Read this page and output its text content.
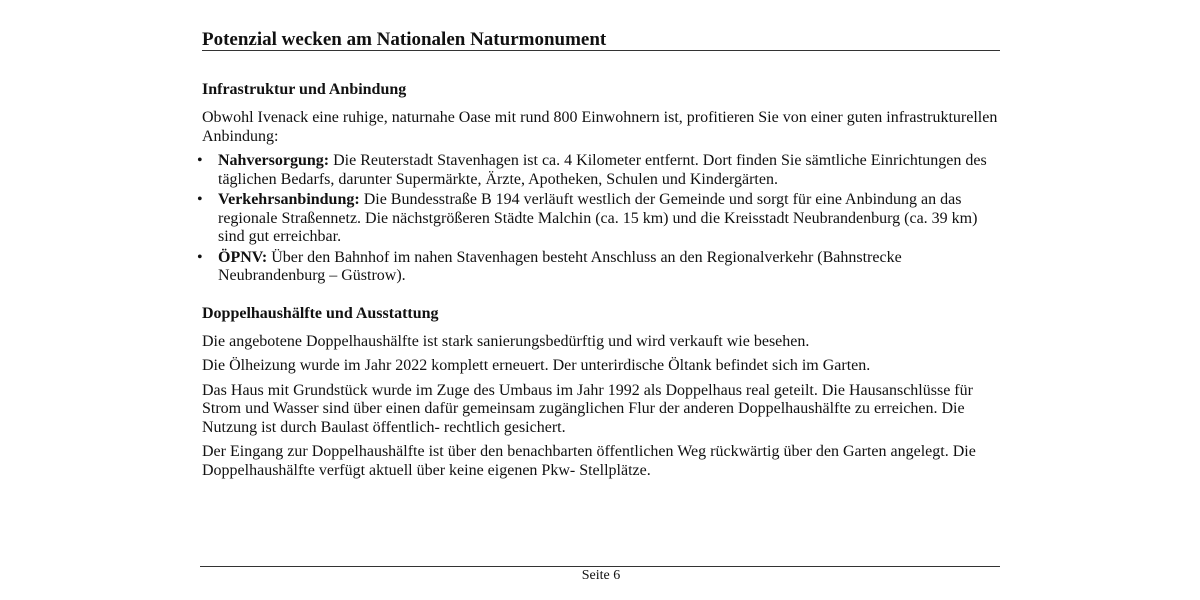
Potenzial wecken am Nationalen Naturmonument
Infrastruktur und Anbindung

Obwohl Ivenack eine ruhige, naturnahe Oase mit rund 800 Einwohnern ist, profitieren Sie von einer guten infrastrukturellen Anbindung:

• Nahversorgung: Die Reuterstadt Stavenhagen ist ca. 4 Kilometer entfernt. Dort finden Sie sämtliche Einrichtungen des täglichen Bedarfs, darunter Supermärkte, Ärzte, Apotheken, Schulen und Kindergärten.
• Verkehrsanbindung: Die Bundesstraße B 194 verläuft westlich der Gemeinde und sorgt für eine Anbindung an das regionale Straßennetz. Die nächstgrößeren Städte Malchin (ca. 15 km) und die Kreisstadt Neubrandenburg (ca. 39 km) sind gut erreichbar.
• ÖPNV: Über den Bahnhof im nahen Stavenhagen besteht Anschluss an den Regionalverkehr (Bahnstrecke Neubrandenburg – Güstrow).
Doppelhaushälfte und Ausstattung

Die angebotene Doppelhaushälfte ist stark sanierungsbedürftig und wird verkauft wie besehen.

Die Ölheizung wurde im Jahr 2022 komplett erneuert. Der unterirdische Öltank befindet sich im Garten.

Das Haus mit Grundstück wurde im Zuge des Umbaus im Jahr 1992 als Doppelhaus real geteilt. Die Hausanschlüsse für Strom und Wasser sind über einen dafür gemeinsam zugänglichen Flur der anderen Doppelhaushälfte zu erreichen. Die Nutzung ist durch Baulast öffentlich- rechtlich gesichert.

Der Eingang zur Doppelhaushälfte ist über den benachbarten öffentlichen Weg rückwärtig über den Garten angelegt. Die Doppelhaushälfte verfügt aktuell über keine eigenen Pkw- Stellplätze.

Seite 6
